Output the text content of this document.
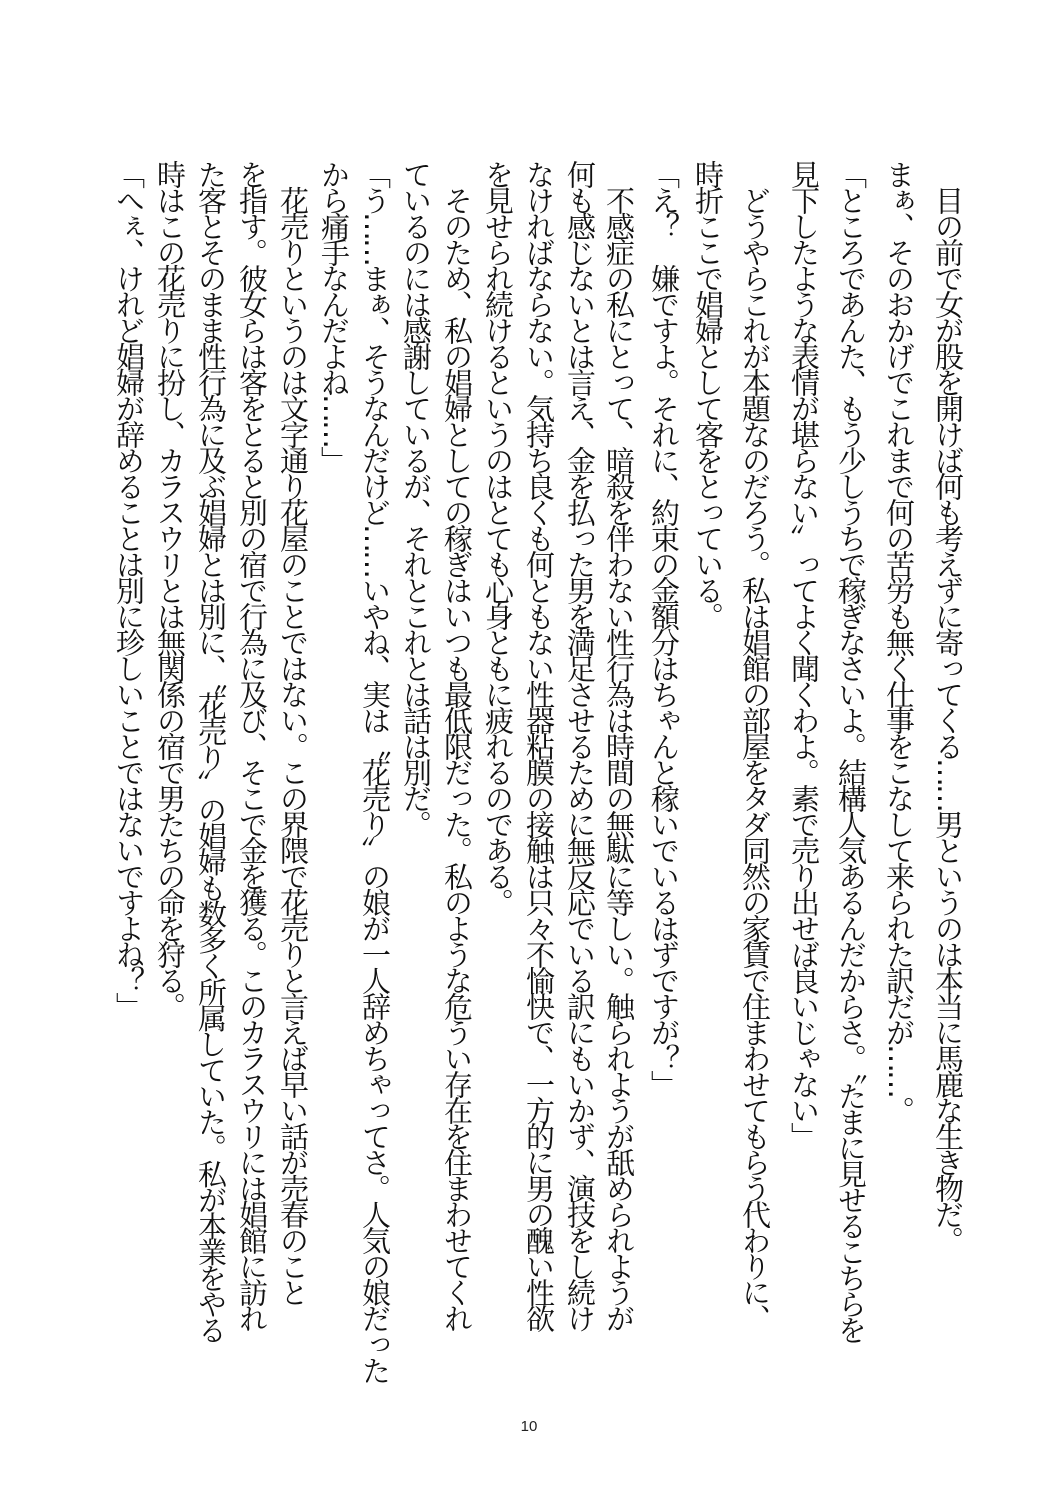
　目の前で女が股を開けば何も考えずに寄ってくる……男というのは本当に馬鹿な生き物だ。
まぁ、そのおかげでこれまで何の苦労も無く仕事をこなして来られた訳だが……。
「ところであんた、もう少しうちで稼ぎなさいよ。結構人気あるんだからさ。〝たまに見せるこちらを
見下したような表情が堪らない〟ってよく聞くわよ。素で売り出せば良いじゃない」
　どうやらこれが本題なのだろう。私は娼館の部屋をタダ同然の家賃で住まわせてもらう代わりに、
時折ここで娼婦として客をとっている。
「え？　嫌ですよ。それに、約束の金額分はちゃんと稼いでいるはずですが？」
　不感症の私にとって、暗殺を伴わない性行為は時間の無駄に等しい。触られようが舐められようが
何も感じないとは言え、金を払った男を満足させるために無反応でいる訳にもいかず、演技をし続け
なければならない。気持ち良くも何ともない性器粘膜の接触は只々不愉快で、一方的に男の醜い性欲
を見せられ続けるというのはとても心身ともに疲れるのである。
　そのため、私の娼婦としての稼ぎはいつも最低限だった。私のような危うい存在を住まわせてくれ
ているのには感謝しているが、それとこれとは話は別だ。
「う……まぁ、そうなんだけど……いやね、実は〝花売り〟の娘が一人辞めちゃってさ。人気の娘だった
から痛手なんだよね……」
　花売りというのは文字通り花屋のことではない。この界隈で花売りと言えば早い話が売春のこと
を指す。彼女らは客をとると別の宿で行為に及び、そこで金を獲る。このカラスウリには娼館に訪れ
た客とそのまま性行為に及ぶ娼婦とは別に、〝花売り〟の娼婦も数多く所属していた。私が本業をやる
時はこの花売りに扮し、カラスウリとは無関係の宿で男たちの命を狩る。
「へぇ、けれど娼婦が辞めることは別に珍しいことではないですよね？」
10
